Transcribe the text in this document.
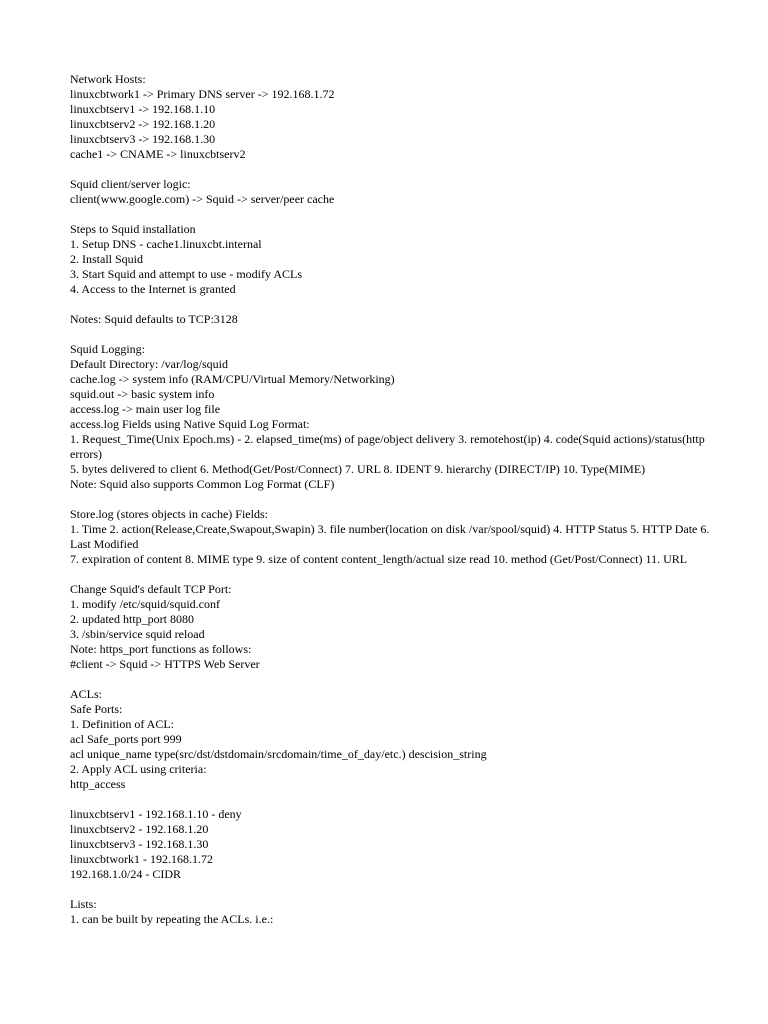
Network Hosts:
linuxcbtwork1 -> Primary DNS server -> 192.168.1.72
linuxcbtserv1 -> 192.168.1.10
linuxcbtserv2 -> 192.168.1.20
linuxcbtserv3 -> 192.168.1.30
cache1 -> CNAME -> linuxcbtserv2
Squid client/server logic:
client(www.google.com) -> Squid -> server/peer cache
Steps to Squid installation
1. Setup DNS - cache1.linuxcbt.internal
2. Install Squid
3. Start Squid and attempt to use - modify ACLs
4. Access to the Internet is granted
Notes: Squid defaults to TCP:3128
Squid Logging:
Default Directory: /var/log/squid
cache.log -> system info (RAM/CPU/Virtual Memory/Networking)
squid.out -> basic system info
access.log -> main user log file
access.log Fields using Native Squid Log Format:
1. Request_Time(Unix Epoch.ms) - 2. elapsed_time(ms) of page/object delivery 3. remotehost(ip) 4. code(Squid actions)/status(http errors)
5. bytes delivered to client 6. Method(Get/Post/Connect) 7. URL 8. IDENT 9. hierarchy (DIRECT/IP) 10. Type(MIME)
Note: Squid also supports Common Log Format (CLF)
Store.log (stores objects in cache) Fields:
1. Time 2. action(Release,Create,Swapout,Swapin) 3. file number(location on disk /var/spool/squid) 4. HTTP Status 5. HTTP Date 6. Last Modified
7. expiration of content 8. MIME type 9. size of content content_length/actual size read 10. method (Get/Post/Connect) 11. URL
Change Squid's default TCP Port:
1. modify /etc/squid/squid.conf
2. updated http_port 8080
3. /sbin/service squid reload
Note: https_port functions as follows:
#client -> Squid -> HTTPS Web Server
ACLs:
Safe Ports:
1. Definition of ACL:
acl Safe_ports port 999
acl unique_name type(src/dst/dstdomain/srcdomain/time_of_day/etc.) descision_string
2. Apply ACL using criteria:
http_access
linuxcbtserv1 - 192.168.1.10 - deny
linuxcbtserv2 - 192.168.1.20
linuxcbtserv3 - 192.168.1.30
linuxcbtwork1 - 192.168.1.72
192.168.1.0/24 - CIDR
Lists:
1. can be built by repeating the ACLs. i.e.:
